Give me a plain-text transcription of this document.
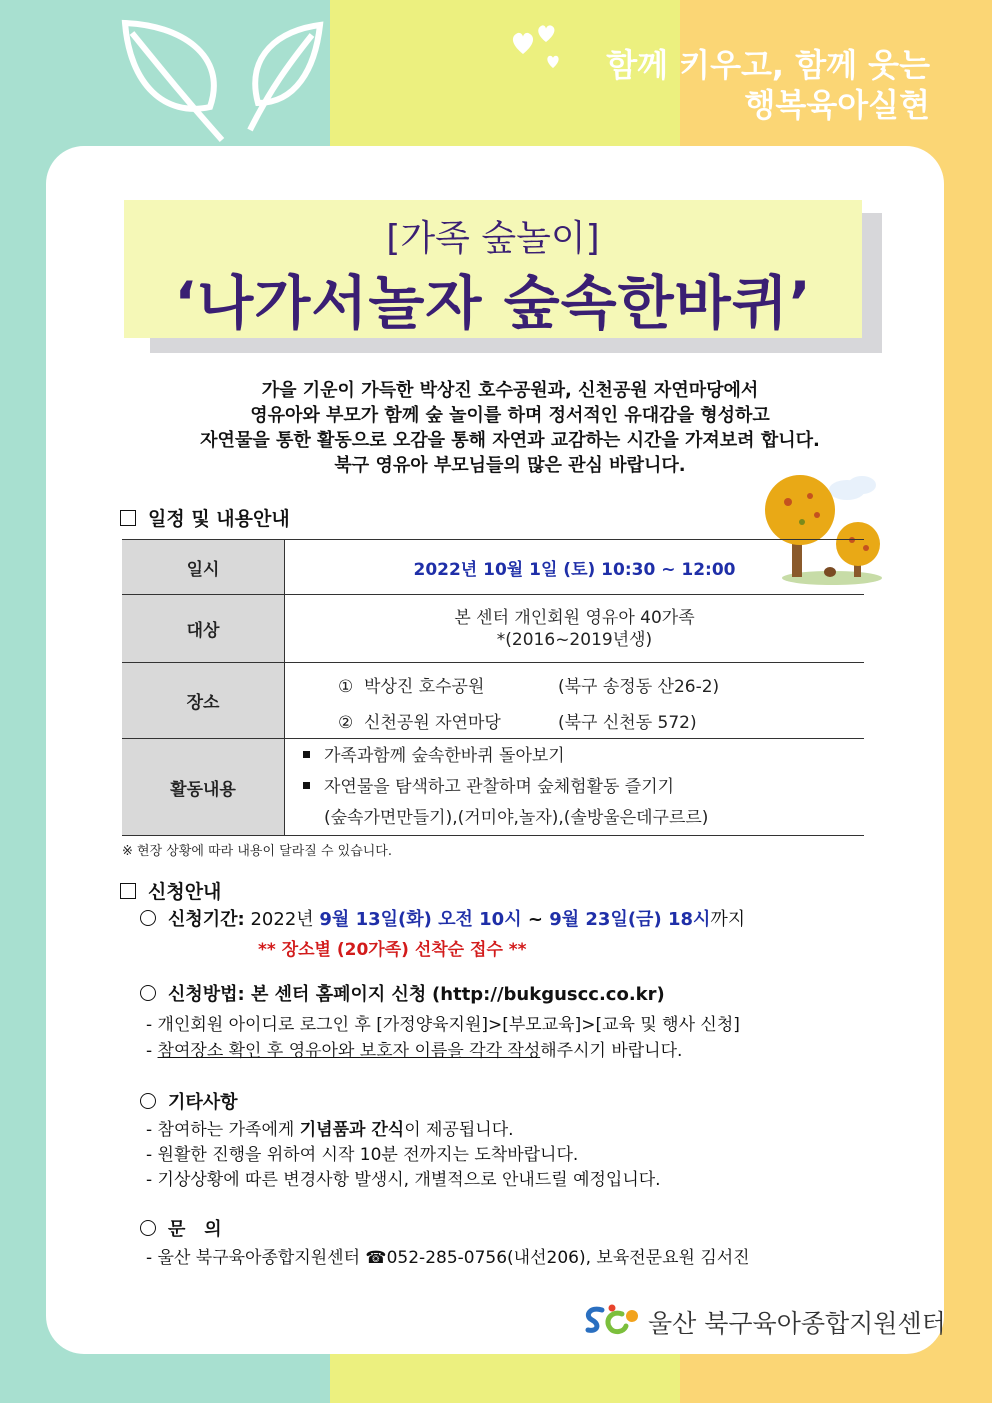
함께 키우고, 함께 웃는
행복육아실현
[가족 숲놀이]
‘나가서놀자 숲속한바퀴’
가을 기운이 가득한 박상진 호수공원과, 신천공원 자연마당에서
영유아와 부모가 함께 숲 놀이를 하며 정서적인 유대감을 형성하고
자연물을 통한 활동으로 오감을 통해 자연과 교감하는 시간을 가져보려 합니다.
북구 영유아 부모님들의 많은 관심 바랍니다.
일정 및 내용안내
일시	2022년 10월 1일 (토) 10:30 ~ 12:00
대상	본 센터 개인회원 영유아 40가족
*(2016~2019년생)

장소	①  박상진 호수공원 (북구 송정동 산26-2)
②  신천공원 자연마당 (북구 신천동 572)

활동내용	가족과함께 숲속한바퀴 돌아보기
자연물을 탐색하고 관찰하며 숲체험활동 즐기기
(숲속가면만들기),(거미야,놀자),(솔방울은데구르르)
※ 현장 상황에 따라 내용이 달라질 수 있습니다.
신청안내
신청기간: 2022년 9월 13일(화) 오전 10시 ~ 9월 23일(금) 18시까지
** 장소별 (20가족) 선착순 접수 **
신청방법: 본 센터 홈페이지 신청 (http://bukguscc.co.kr)
- 개인회원 아이디로 로그인 후 [가정양육지원]>[부모교육]>[교육 및 행사 신청]
- 참여장소 확인 후 영유아와 보호자 이름을 각각 작성해주시기 바랍니다.
기타사항
- 참여하는 가족에게 기념품과 간식이 제공됩니다.
- 원활한 진행을 위하여 시작 10분 전까지는 도착바랍니다.
- 기상상황에 따른 변경사항 발생시, 개별적으로 안내드릴 예정입니다.
문   의
- 울산 북구육아종합지원센터 ☎052-285-0756(내선206), 보육전문요원 김서진
울산 북구육아종합지원센터
